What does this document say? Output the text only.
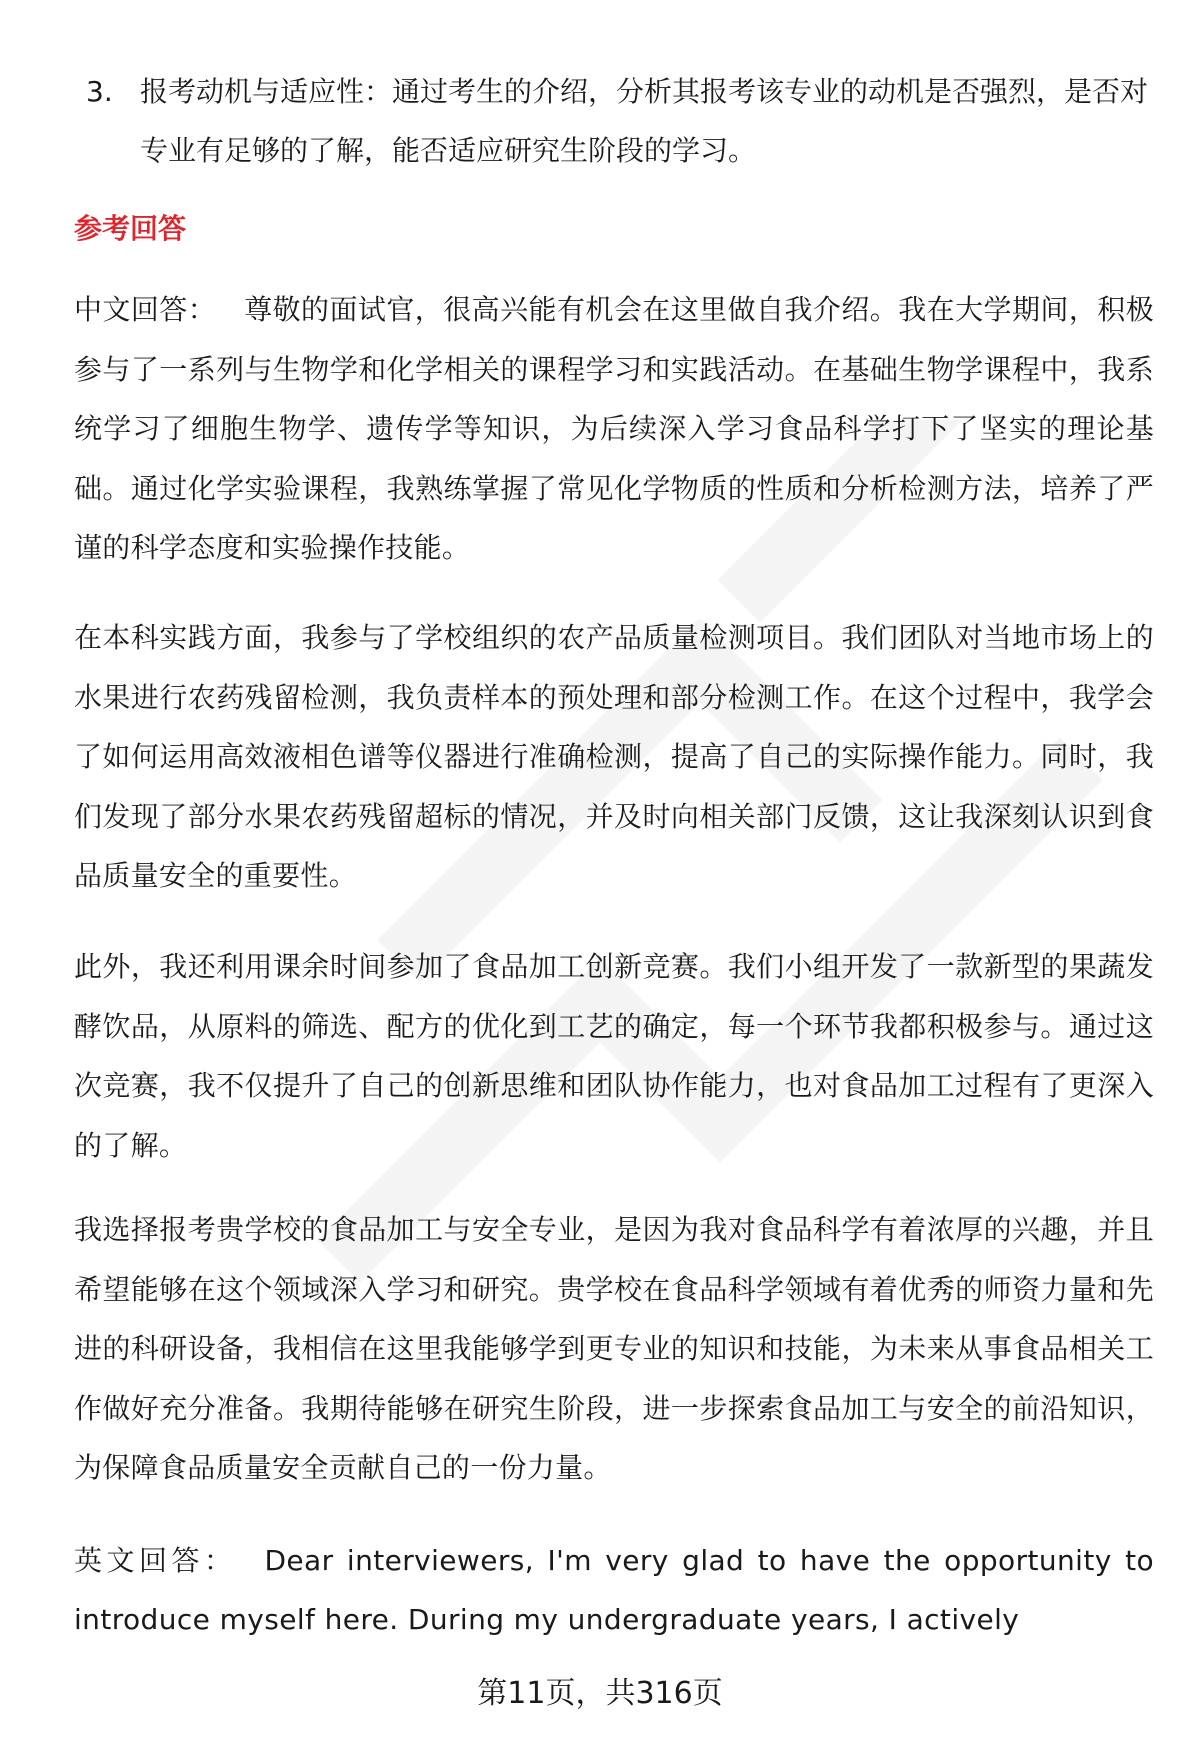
3. 报考动机与适应性：通过考生的介绍，分析其报考该专业的动机是否强烈，是否对专业有足够的了解，能否适应研究生阶段的学习。
参考回答

中文回答： 尊敬的面试官，很高兴能有机会在这里做自我介绍。我在大学期间，积极参与了一系列与生物学和化学相关的课程学习和实践活动。在基础生物学课程中，我系统学习了细胞生物学、遗传学等知识，为后续深入学习食品科学打下了坚实的理论基础。通过化学实验课程，我熟练掌握了常见化学物质的性质和分析检测方法，培养了严谨的科学态度和实验操作技能。

在本科实践方面，我参与了学校组织的农产品质量检测项目。我们团队对当地市场上的水果进行农药残留检测，我负责样本的预处理和部分检测工作。在这个过程中，我学会了如何运用高效液相色谱等仪器进行准确检测，提高了自己的实际操作能力。同时，我们发现了部分水果农药残留超标的情况，并及时向相关部门反馈，这让我深刻认识到食品质量安全的重要性。

此外，我还利用课余时间参加了食品加工创新竞赛。我们小组开发了一款新型的果蔬发酵饮品，从原料的筛选、配方的优化到工艺的确定，每一个环节我都积极参与。通过这次竞赛，我不仅提升了自己的创新思维和团队协作能力，也对食品加工过程有了更深入的了解。

我选择报考贵学校的食品加工与安全专业，是因为我对食品科学有着浓厚的兴趣，并且希望能够在这个领域深入学习和研究。贵学校在食品科学领域有着优秀的师资力量和先进的科研设备，我相信在这里我能够学到更专业的知识和技能，为未来从事食品相关工作做好充分准备。我期待能够在研究生阶段，进一步探索食品加工与安全的前沿知识，为保障食品质量安全贡献自己的一份力量。

英文回答： Dear interviewers, I'm very glad to have the opportunity to introduce myself here. During my undergraduate years, I actively

第11页，共316页
